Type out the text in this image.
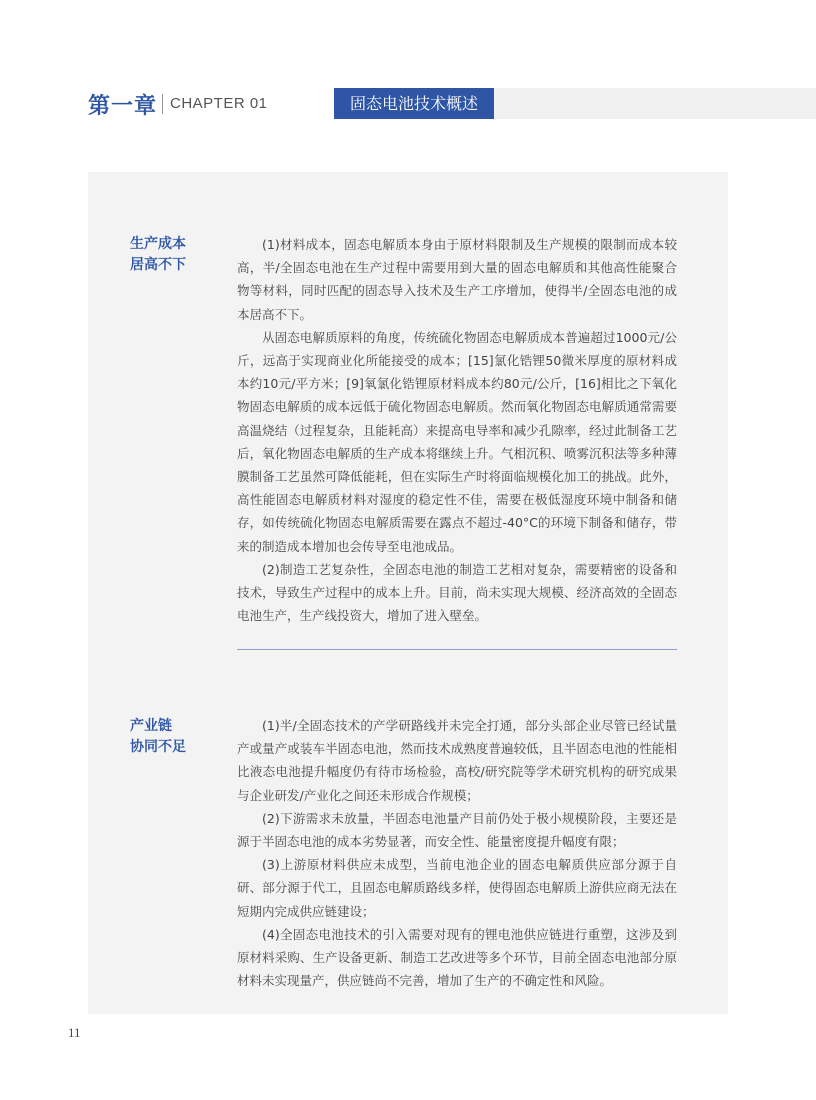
第一章 CHAPTER 01	固态电池技术概述
生产成本
居高不下

(1)材料成本，固态电解质本身由于原材料限制及生产规模的限制而成本较高，半/全固态电池在生产过程中需要用到大量的固态电解质和其他高性能聚合物等材料，同时匹配的固态导入技术及生产工序增加，使得半/全固态电池的成本居高不下。

从固态电解质原料的角度，传统硫化物固态电解质成本普遍超过1000元/公斤，远高于实现商业化所能接受的成本；[15]氯化锆锂50微米厚度的原材料成本约10元/平方米；[9]氧氯化锆锂原材料成本约80元/公斤，[16]相比之下氧化物固态电解质的成本远低于硫化物固态电解质。然而氧化物固态电解质通常需要高温烧结（过程复杂，且能耗高）来提高电导率和减少孔隙率，经过此制备工艺后，氧化物固态电解质的生产成本将继续上升。气相沉积、喷雾沉积法等多种薄膜制备工艺虽然可降低能耗，但在实际生产时将面临规模化加工的挑战。此外，高性能固态电解质材料对湿度的稳定性不佳，需要在极低湿度环境中制备和储存，如传统硫化物固态电解质需要在露点不超过-40°C的环境下制备和储存，带来的制造成本增加也会传导至电池成品。

(2)制造工艺复杂性，全固态电池的制造工艺相对复杂，需要精密的设备和技术，导致生产过程中的成本上升。目前，尚未实现大规模、经济高效的全固态电池生产，生产线投资大，增加了进入壁垒。

产业链
协同不足

(1)半/全固态技术的产学研路线并未完全打通，部分头部企业尽管已经试量产或量产或装车半固态电池，然而技术成熟度普遍较低，且半固态电池的性能相比液态电池提升幅度仍有待市场检验，高校/研究院等学术研究机构的研究成果与企业研发/产业化之间还未形成合作规模；

(2)下游需求未放量，半固态电池量产目前仍处于极小规模阶段，主要还是源于半固态电池的成本劣势显著，而安全性、能量密度提升幅度有限；

(3)上游原材料供应未成型，当前电池企业的固态电解质供应部分源于自研、部分源于代工，且固态电解质路线多样，使得固态电解质上游供应商无法在短期内完成供应链建设；

(4)全固态电池技术的引入需要对现有的锂电池供应链进行重塑，这涉及到原材料采购、生产设备更新、制造工艺改进等多个环节，目前全固态电池部分原材料未实现量产，供应链尚不完善，增加了生产的不确定性和风险。

11
